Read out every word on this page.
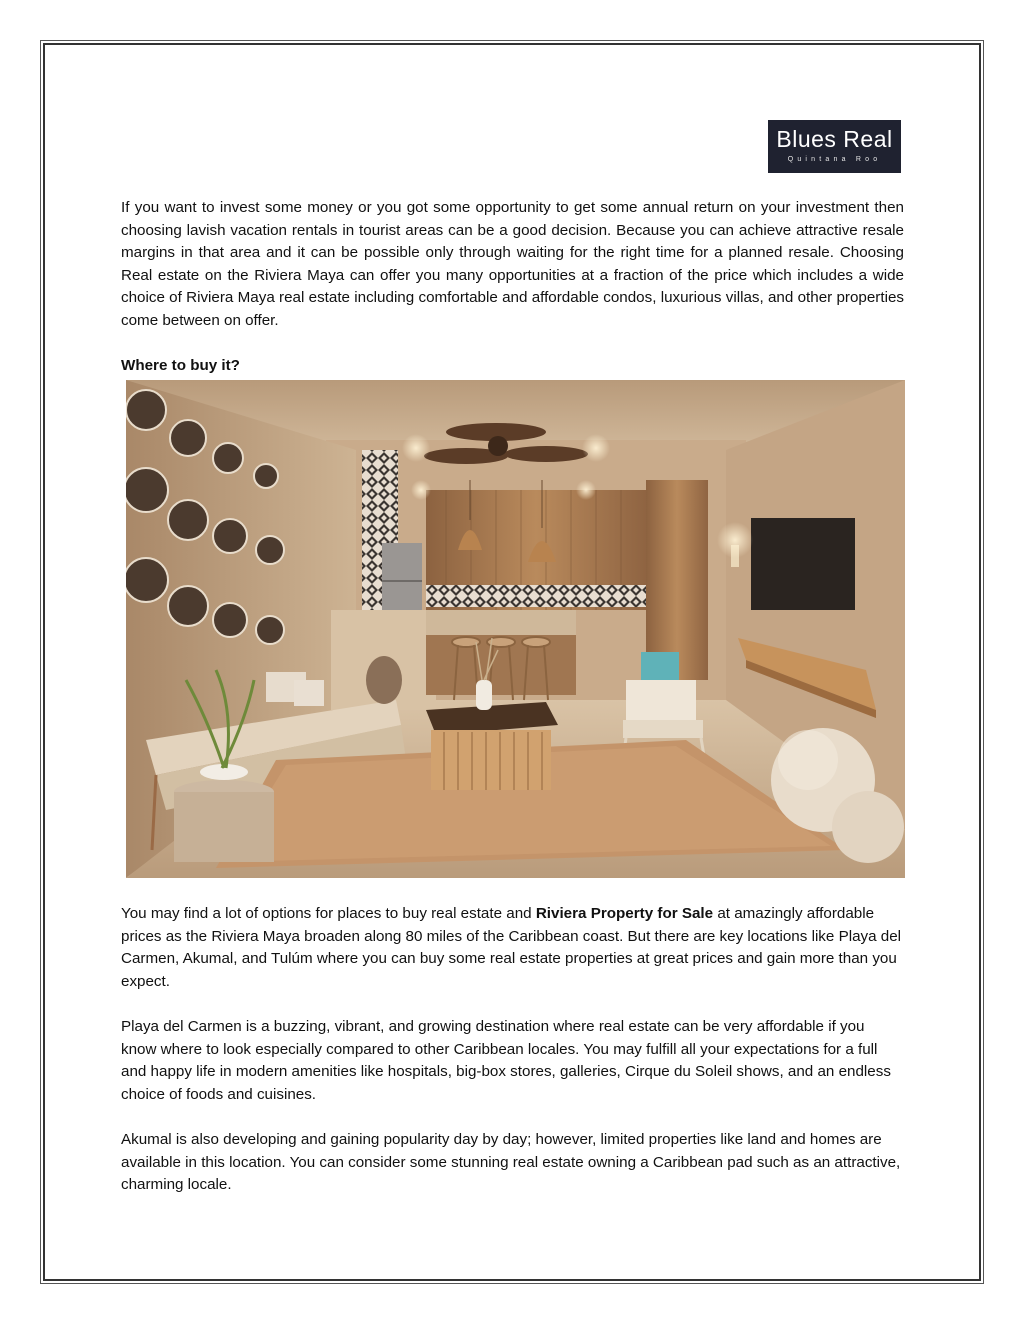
Blues Real
Quintana Roo
If you want to invest some money or you got some opportunity to get some annual return on your investment then choosing lavish vacation rentals in tourist areas can be a good decision. Because you can achieve attractive resale margins in that area and it can be possible only through waiting for the right time for a planned resale. Choosing Real estate on the Riviera Maya can offer you many opportunities at a fraction of the price which includes a wide choice of Riviera Maya real estate including comfortable and affordable condos, luxurious villas, and other properties come between on offer.
Where to buy it?
You may find a lot of options for places to buy real estate and Riviera Property for Sale at amazingly affordable prices as the Riviera Maya broaden along 80 miles of the Caribbean coast. But there are key locations like Playa del Carmen, Akumal, and Tulúm where you can buy some real estate properties at great prices and gain more than you expect.
Playa del Carmen is a buzzing, vibrant, and growing destination where real estate can be very affordable if you know where to look especially compared to other Caribbean locales. You may fulfill all your expectations for a full and happy life in modern amenities like hospitals, big-box stores, galleries, Cirque du Soleil shows, and an endless choice of foods and cuisines.
Akumal is also developing and gaining popularity day by day; however, limited properties like land and homes are available in this location. You can consider some stunning real estate owning a Caribbean pad such as an attractive, charming locale.
